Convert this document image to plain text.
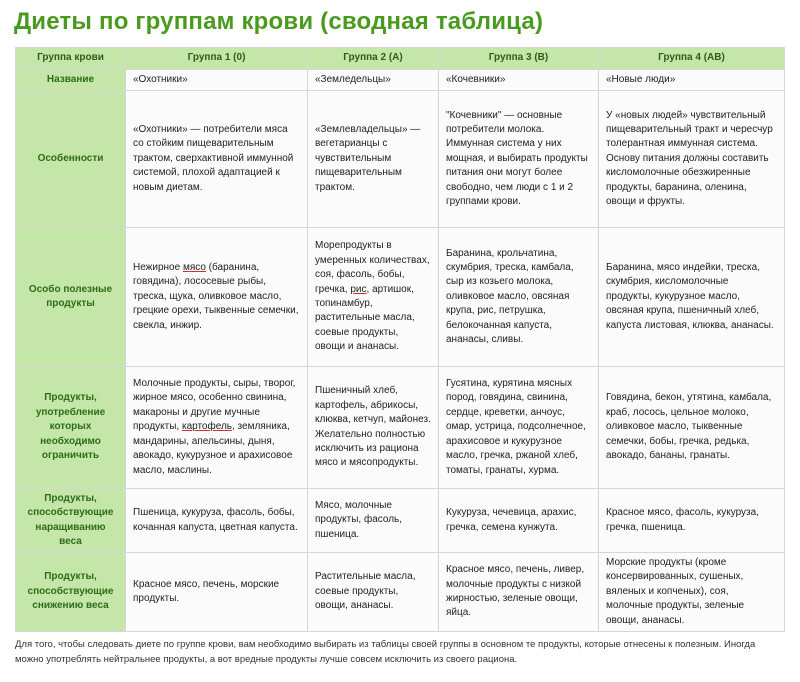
Диеты по группам крови (сводная таблица)
Группа крови	Группа 1 (0)	Группа 2 (А)	Группа 3 (В)	Группа 4 (АВ)
Название	«Охотники»	«Земледельцы»	«Кочевники»	«Новые люди»
Особенности	«Охотники» — потребители мяса со стойким пищеварительным трактом, сверхактивной иммунной системой, плохой адаптацией к новым диетам.	«Землевладельцы» — вегетарианцы с чувствительным пищеварительным трактом.	"Кочевники" — основные потребители молока. Иммунная система у них мощная, и выбирать продукты питания они могут более свободно, чем люди с 1 и 2 группами крови.	У «новых людей» чувствительный пищеварительный тракт и чересчур толерантная иммунная система. Основу питания должны составить кисломолочные обезжиренные продукты, баранина, оленина, овощи и фрукты.
Особо полезные продукты	Нежирное мясо (баранина, говядина), лососевые рыбы, треска, щука, оливковое масло, грецкие орехи, тыквенные семечки, свекла, инжир.	Морепродукты в умеренных количествах, соя, фасоль, бобы, гречка, рис, артишок, топинамбур, растительные масла, соевые продукты, овощи и ананасы.	Баранина, крольчатина, скумбрия, треска, камбала, сыр из козьего молока, оливковое масло, овсяная крупа, рис, петрушка, белокочанная капуста, ананасы, сливы.	Баранина, мясо индейки, треска, скумбрия, кисломолочные продукты, кукурузное масло, овсяная крупа, пшеничный хлеб, капуста листовая, клюква, ананасы.
Продукты, употребление которых необходимо ограничить	Молочные продукты, сыры, творог, жирное мясо, особенно свинина, макароны и другие мучные продукты, картофель, земляника, мандарины, апельсины, дыня, авокадо, кукурузное и арахисовое масло, маслины.	Пшеничный хлеб, картофель, абрикосы, клюква, кетчуп, майонез. Желательно полностью исключить из рациона мясо и мясопродукты.	Гусятина, курятина мясных пород, говядина, свинина, сердце, креветки, анчоус, омар, устрица, подсолнечное, арахисовое и кукурузное масло, гречка, ржаной хлеб, томаты, гранаты, хурма.	Говядина, бекон, утятина, камбала, краб, лосось, цельное молоко, оливковое масло, тыквенные семечки, бобы, гречка, редька, авокадо, бананы, гранаты.
Продукты, способствующие наращиванию веса	Пшеница, кукуруза, фасоль, бобы, кочанная капуста, цветная капуста.	Мясо, молочные продукты, фасоль, пшеница.	Кукуруза, чечевица, арахис, гречка, семена кунжута.	Красное мясо, фасоль, кукуруза, гречка, пшеница.
Продукты, способствующие снижению веса	Красное мясо, печень, морские продукты.	Растительные масла, соевые продукты, овощи, ананасы.	Красное мясо, печень, ливер, молочные продукты с низкой жирностью, зеленые овощи, яйца.	Морские продукты (кроме консервированных, сушеных, вяленых и копченых), соя, молочные продукты, зеленые овощи, ананасы.

Для того, чтобы следовать диете по группе крови, вам необходимо выбирать из таблицы своей группы в основном те продукты, которые отнесены к полезным. Иногда можно употреблять нейтральнее продукты, а вот вредные продукты лучше совсем исключить из своего рациона.
